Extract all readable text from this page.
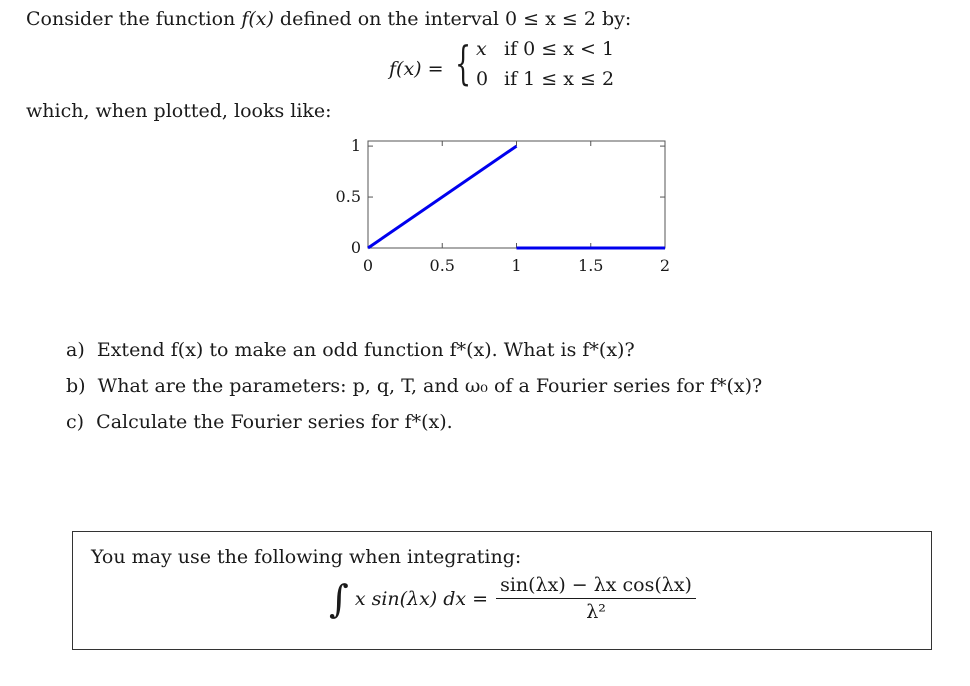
Consider the function f(x) defined on the interval 0 ≤ x ≤ 2 by:
f(x) = { x if 0 ≤ x < 1
0 if 1 ≤ x ≤ 2
which, when plotted, looks like:
0
0.5
1
0	0.5	1	1.5	2
a) Extend f(x) to make an odd function f*(x). What is f*(x)?
b) What are the parameters: p, q, T, and ω₀ of a Fourier series for f*(x)?
c) Calculate the Fourier series for f*(x).
You may use the following when integrating:
∫ x sin(λx) dx = $\frac{\text{sin(λx) − λx cos(λx)}}{\text{λ²}}$
